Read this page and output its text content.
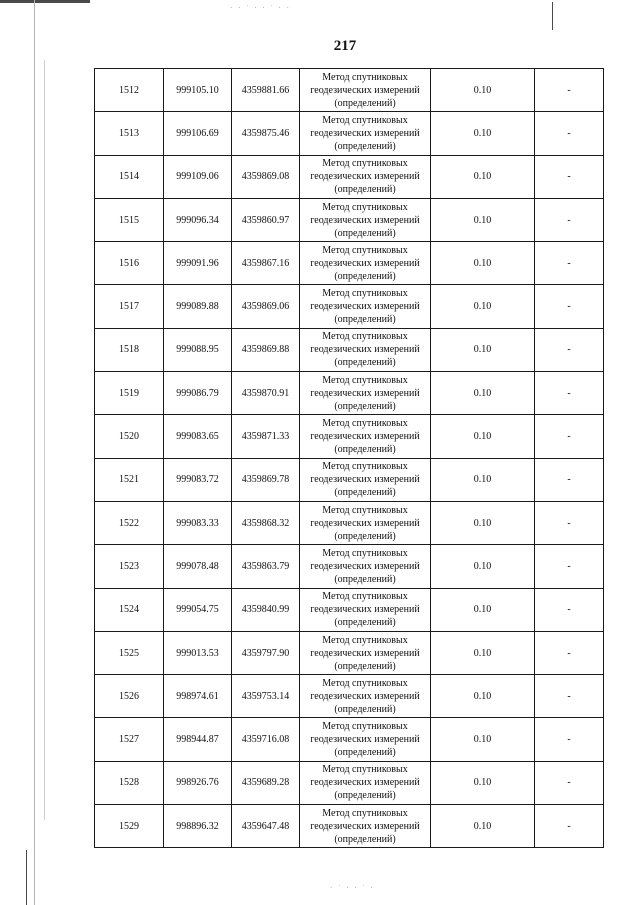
· · ˙ · · ˙ · ·
· ˙ · · ˙ ·
217
1512	999105.10	4359881.66	Метод спутниковых
геодезических измерений
(определений)	0.10	-
1513	999106.69	4359875.46	Метод спутниковых
геодезических измерений
(определений)	0.10	-
1514	999109.06	4359869.08	Метод спутниковых
геодезических измерений
(определений)	0.10	-
1515	999096.34	4359860.97	Метод спутниковых
геодезических измерений
(определений)	0.10	-
1516	999091.96	4359867.16	Метод спутниковых
геодезических измерений
(определений)	0.10	-
1517	999089.88	4359869.06	Метод спутниковых
геодезических измерений
(определений)	0.10	-
1518	999088.95	4359869.88	Метод спутниковых
геодезических измерений
(определений)	0.10	-
1519	999086.79	4359870.91	Метод спутниковых
геодезических измерений
(определений)	0.10	-
1520	999083.65	4359871.33	Метод спутниковых
геодезических измерений
(определений)	0.10	-
1521	999083.72	4359869.78	Метод спутниковых
геодезических измерений
(определений)	0.10	-
1522	999083.33	4359868.32	Метод спутниковых
геодезических измерений
(определений)	0.10	-
1523	999078.48	4359863.79	Метод спутниковых
геодезических измерений
(определений)	0.10	-
1524	999054.75	4359840.99	Метод спутниковых
геодезических измерений
(определений)	0.10	-
1525	999013.53	4359797.90	Метод спутниковых
геодезических измерений
(определений)	0.10	-
1526	998974.61	4359753.14	Метод спутниковых
геодезических измерений
(определений)	0.10	-
1527	998944.87	4359716.08	Метод спутниковых
геодезических измерений
(определений)	0.10	-
1528	998926.76	4359689.28	Метод спутниковых
геодезических измерений
(определений)	0.10	-
1529	998896.32	4359647.48	Метод спутниковых
геодезических измерений
(определений)	0.10	-
